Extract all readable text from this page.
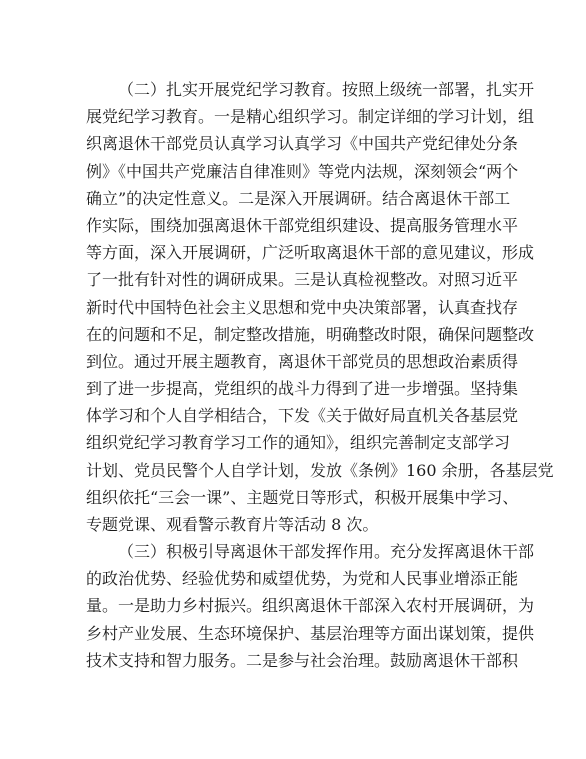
（二）扎实开展党纪学习教育。按照上级统一部署，扎实开
展党纪学习教育。一是精心组织学习。制定详细的学习计划，组
织离退休干部党员认真学习认真学习《中国共产党纪律处分条
例》《中国共产党廉洁自律准则》等党内法规，深刻领会“两个
确立”的决定性意义。二是深入开展调研。结合离退休干部工
作实际，围绕加强离退休干部党组织建设、提高服务管理水平
等方面，深入开展调研，广泛听取离退休干部的意见建议，形成
了一批有针对性的调研成果。三是认真检视整改。对照习近平
新时代中国特色社会主义思想和党中央决策部署，认真查找存
在的问题和不足，制定整改措施，明确整改时限，确保问题整改
到位。通过开展主题教育，离退休干部党员的思想政治素质得
到了进一步提高，党组织的战斗力得到了进一步增强。坚持集
体学习和个人自学相结合，下发《关于做好局直机关各基层党
组织党纪学习教育学习工作的通知》，组织完善制定支部学习
计划、党员民警个人自学计划，发放《条例》160 余册，各基层党
组织依托“三会一课”、主题党日等形式，积极开展集中学习、
专题党课、观看警示教育片等活动 8 次。
（三）积极引导离退休干部发挥作用。充分发挥离退休干部
的政治优势、经验优势和威望优势，为党和人民事业增添正能
量。一是助力乡村振兴。组织离退休干部深入农村开展调研，为
乡村产业发展、生态环境保护、基层治理等方面出谋划策，提供
技术支持和智力服务。二是参与社会治理。鼓励离退休干部积
